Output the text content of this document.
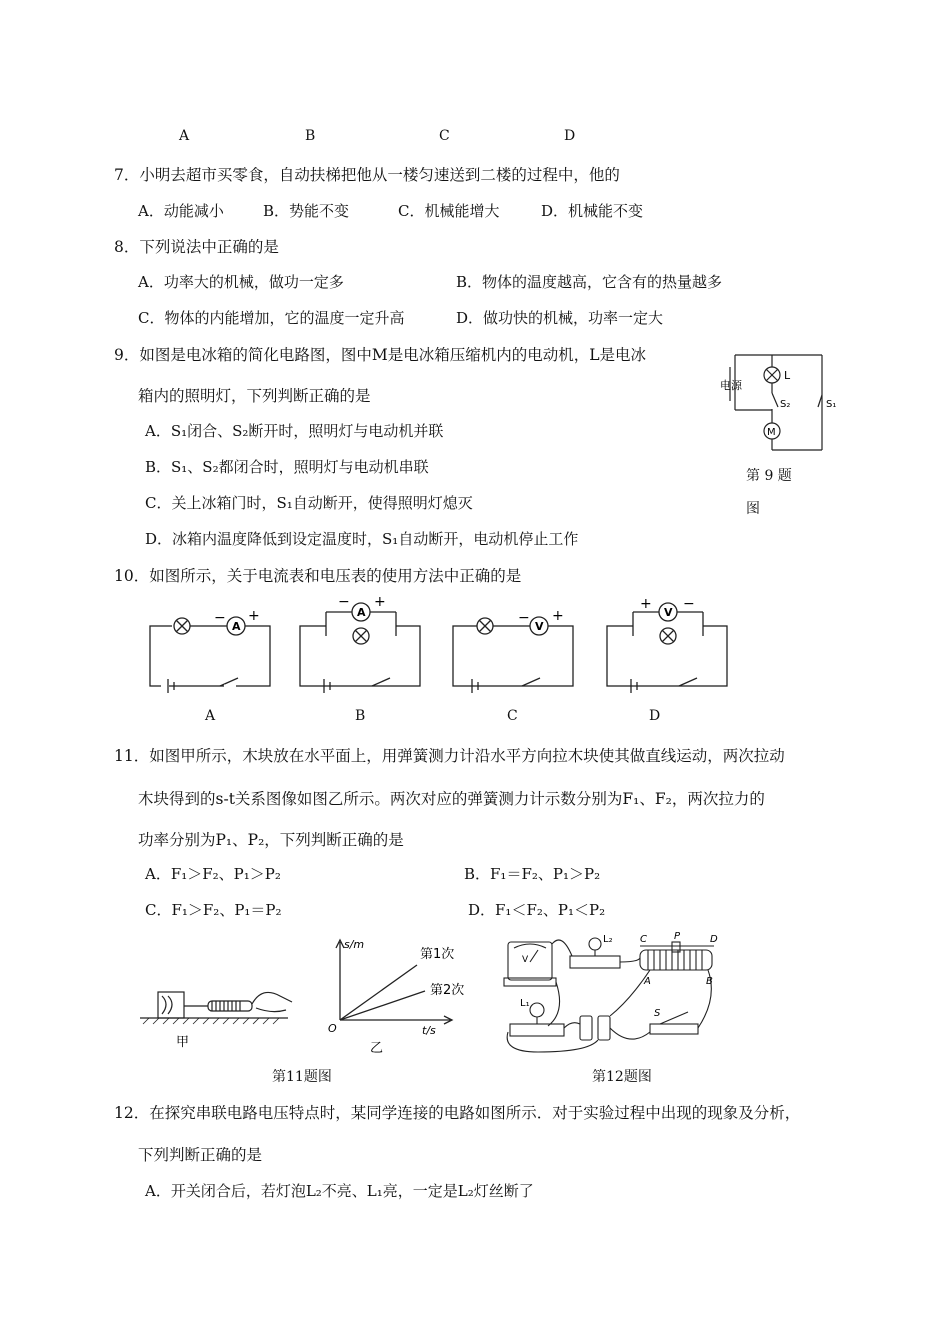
A	B	C	D
7．小明去超市买零食，自动扶梯把他从一楼匀速送到二楼的过程中，他的
A．动能减小	B．势能不变	C．机械能增大	D．机械能不变
8．下列说法中正确的是
A．功率大的机械，做功一定多	B．物体的温度越高，它含有的热量越多
C．物体的内能增加，它的温度一定升高	D．做功快的机械，功率一定大
9．如图是电冰箱的简化电路图，图中M是电冰箱压缩机内的电动机，L是电冰
箱内的照明灯，下列判断正确的是
A．S₁闭合、S₂断开时，照明灯与电动机并联
B．S₁、S₂都闭合时，照明灯与电动机串联
C．关上冰箱门时，S₁自动断开，使得照明灯熄灭
D．冰箱内温度降低到设定温度时，S₁自动断开，电动机停止工作
电源
L
S₂	S₁
M
第 9 题
图
10．如图所示，关于电流表和电压表的使用方法中正确的是
A
− +	A
− +
V
− +	V
+ −
A	B	C	D
11．如图甲所示，木块放在水平面上，用弹簧测力计沿水平方向拉木块使其做直线运动，两次拉动
木块得到的s-t关系图像如图乙所示。两次对应的弹簧测力计示数分别为F₁、F₂，两次拉力的
功率分别为P₁、P₂，下列判断正确的是
A．F₁＞F₂、P₁＞P₂	B．F₁＝F₂、P₁＞P₂
C．F₁＞F₂、P₁＝P₂	D．F₁＜F₂、P₁＜P₂
甲
s/m
t/s
O
第1次
第2次
乙
V
L₂	C	P	D
A	B
L₁
S
第11题图	第12题图
12．在探究串联电路电压特点时，某同学连接的电路如图所示．对于实验过程中出现的现象及分析，
下列判断正确的是
A．开关闭合后，若灯泡L₂不亮、L₁亮，一定是L₂灯丝断了
